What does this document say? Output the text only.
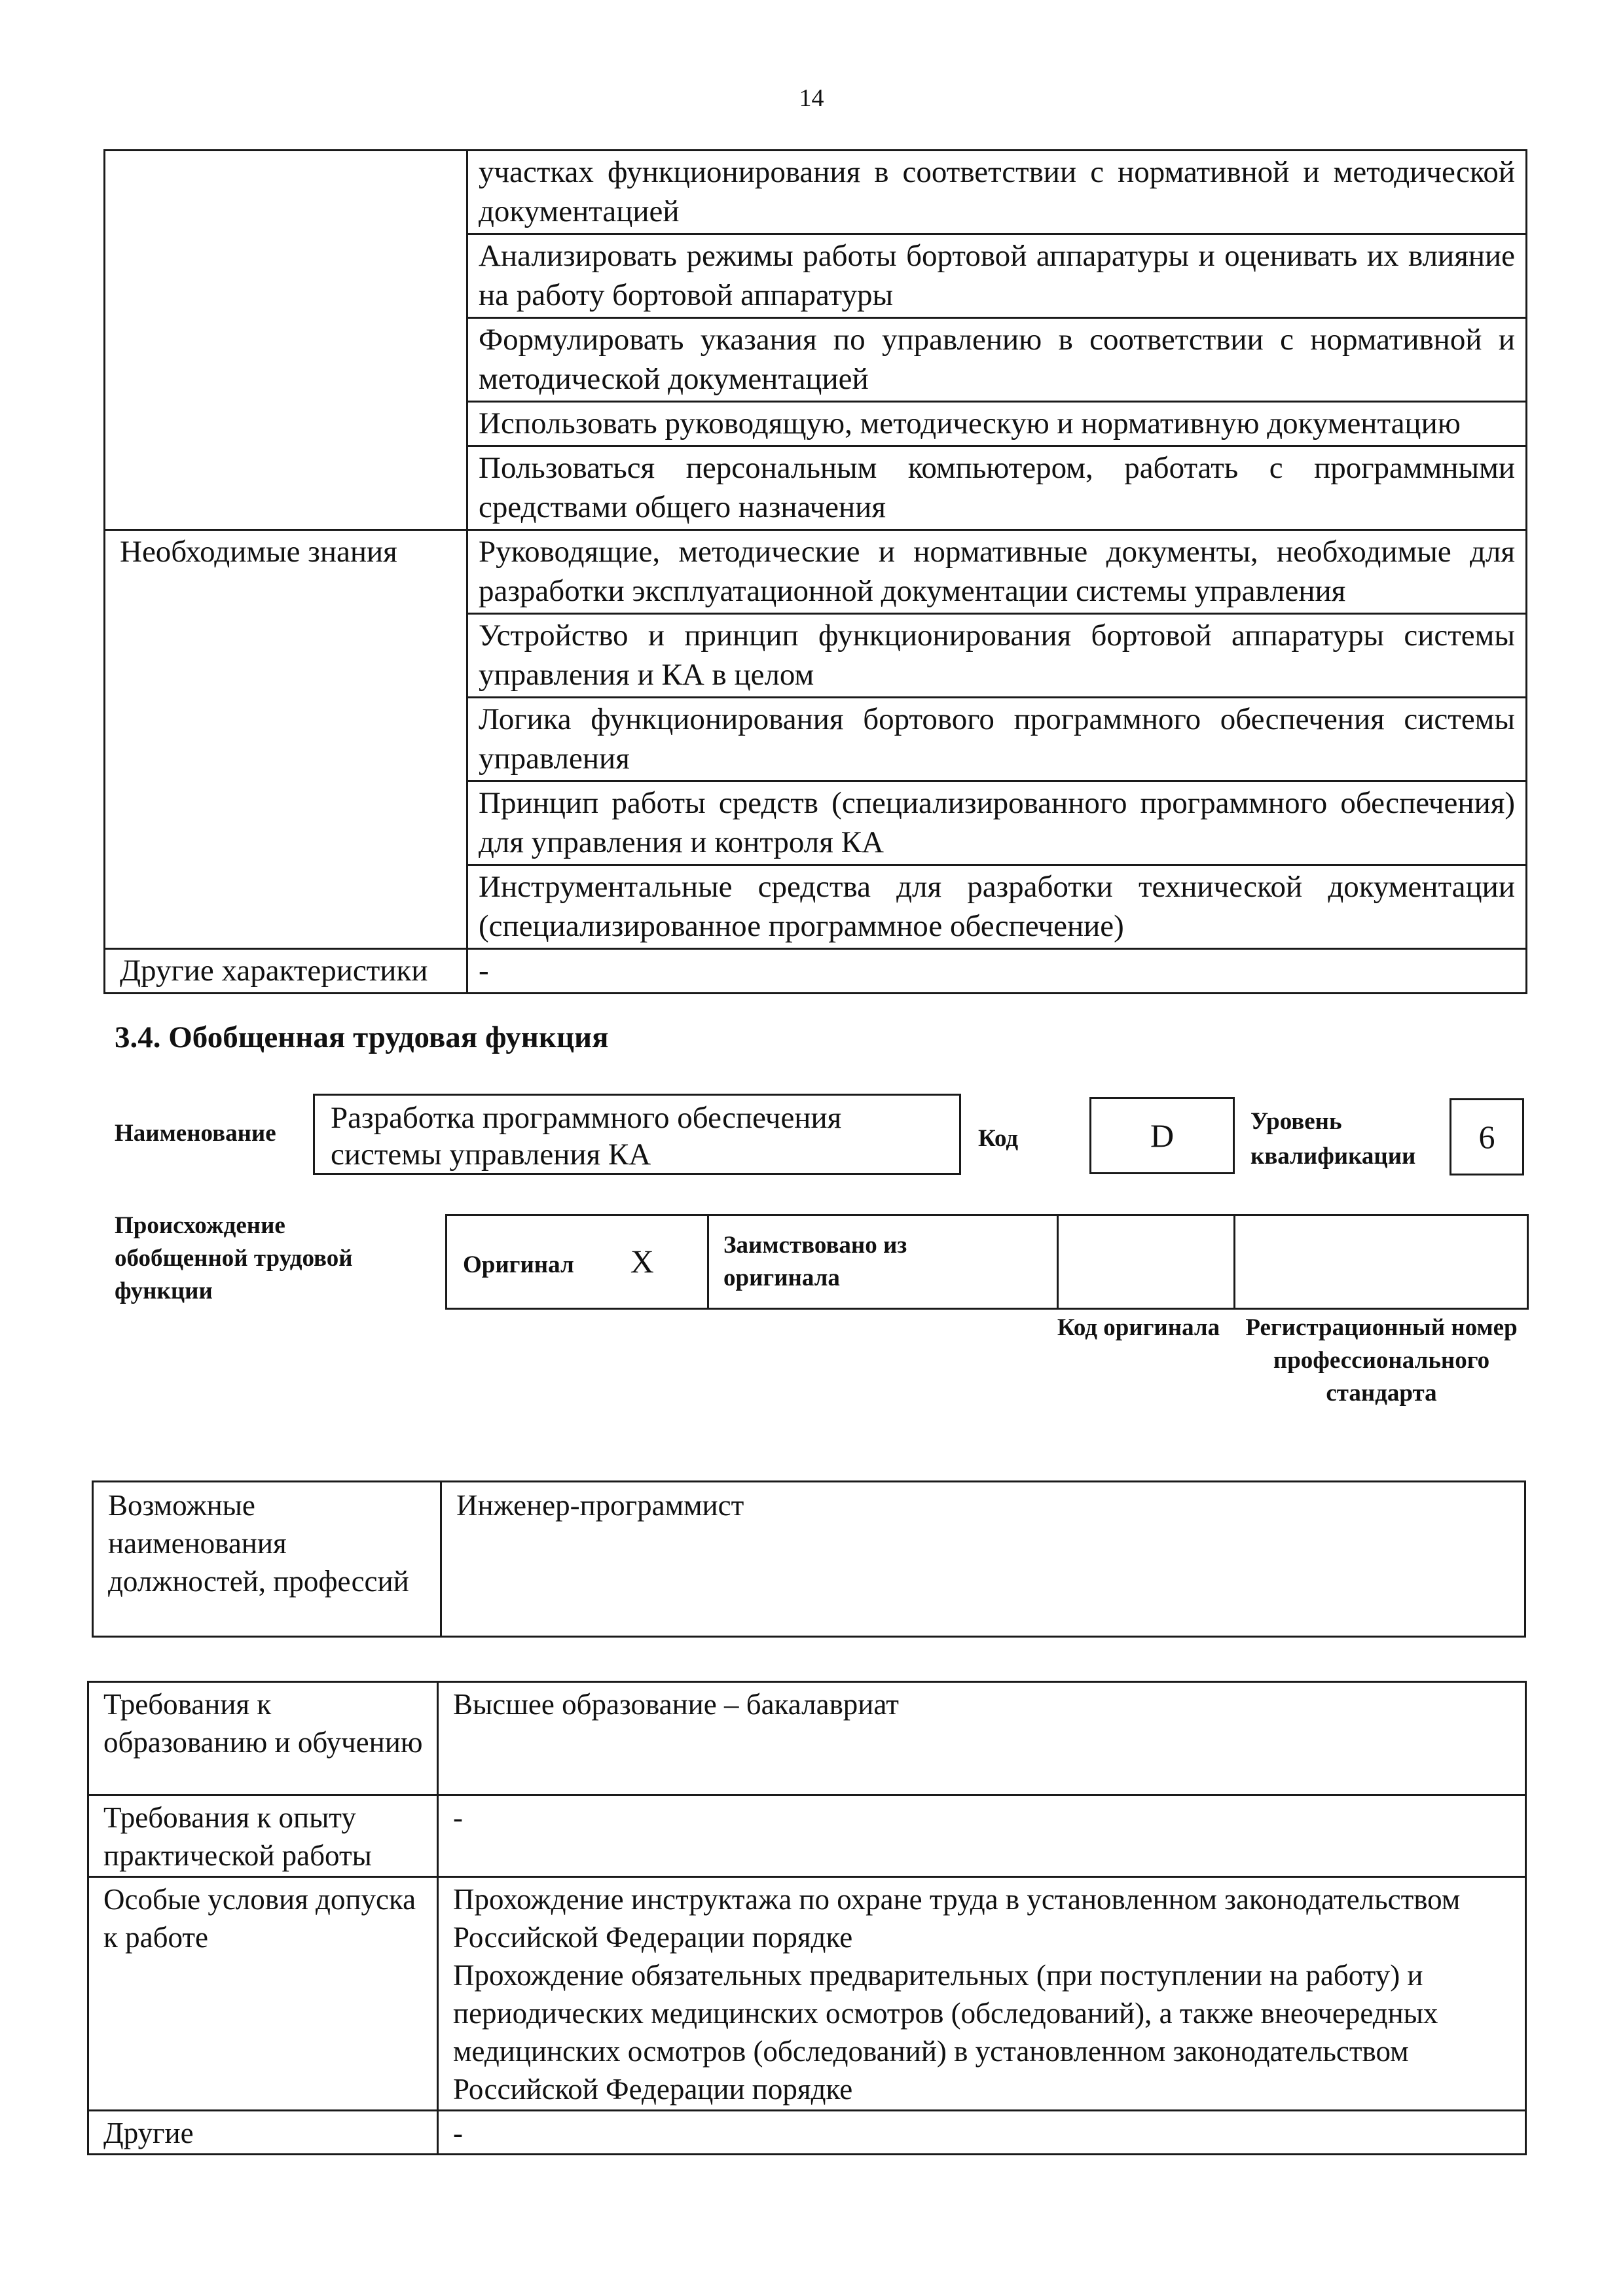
14
	участках функционирования в соответствии с нормативной и методической документацией
	Анализировать режимы работы бортовой аппаратуры и оценивать их влияние на работу бортовой аппаратуры
	Формулировать указания по управлению в соответствии с нормативной и методической документацией
	Использовать руководящую, методическую и нормативную документацию
	Пользоваться персональным компьютером, работать с программными средствами общего назначения
Необходимые знания	Руководящие, методические и нормативные документы, необходимые для разработки эксплуатационной документации системы управления
	Устройство и принцип функционирования бортовой аппаратуры системы управления и КА в целом
	Логика функционирования бортового программного обеспечения системы управления
	Принцип работы средств (специализированного программного обеспечения) для управления и контроля КА
	Инструментальные средства для разработки технической документации (специализированное программное обеспечение)
Другие характеристики	-
3.4. Обобщенная трудовая функция
Наименование	Разработка программного обеспечения системы управления КА	Код	D	Уровень квалификации
6
Происхождение обобщенной трудовой функции
Оригинал X	Заимствовано из оригинала

Код оригинала	Регистрационный номер профессионального стандарта
Возможные наименования должностей, профессий	Инженер-программист
Требования к образованию и обучению	Высшее образование – бакалавриат
Требования к опыту практической работы	-
Особые условия допуска к работе	Прохождение инструктажа по охране труда в установленном законодательством Российской Федерации порядке
Прохождение обязательных предварительных (при поступлении на работу) и периодических медицинских осмотров (обследований), а также внеочередных медицинских осмотров (обследований) в установленном законодательством Российской Федерации порядке
Другие	-
